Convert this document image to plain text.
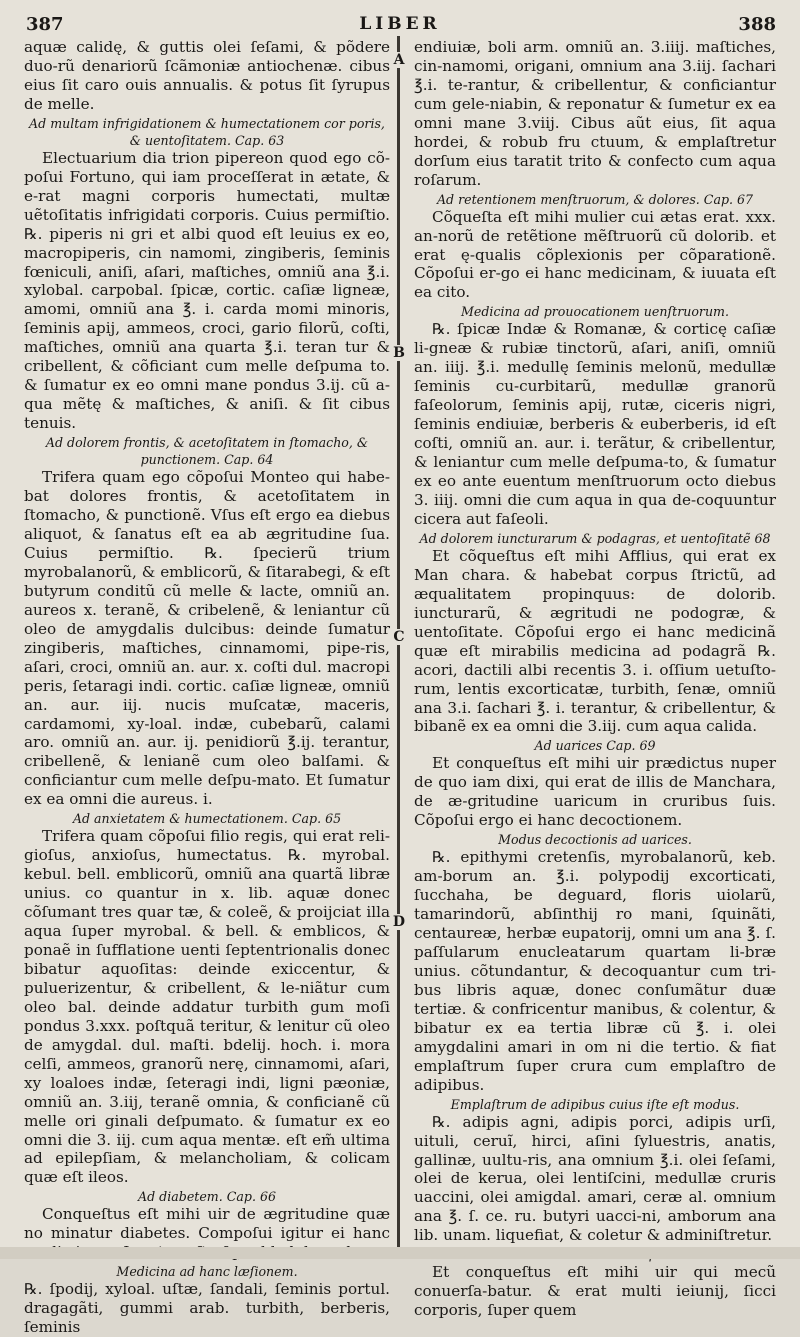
387	LIBER	388
A
B
C
D

aquæ calidę, & guttis olei ſeſami, & põdere duo-rũ denariorũ ſcãmoniæ antiochenæ. cibus eius ſit caro ouis annualis. & potus ſit ſyrupus de melle.

Ad multam infrigidationem & humectationem cor poris, & uentoſitatem. Cap. 63

Electuarium dia trion pipereon quod ego cõ-poſui Fortuno, qui iam proceſſerat in ætate, & e-rat magni corporis humectati, multæ uẽtoſitatis infrigidati corporis. Cuius permiſtio. ℞. piperis ni gri et albi quod eſt leuius ex eo, macropiperis, cin namomi, zingiberis, ſeminis fœniculi, aniſi, aſari, maſtiches, omniũ ana ℥.i. xylobal. carpobal. ſpicæ, cortic. caſiæ ligneæ, amomi, omniũ ana ℥. i. carda momi minoris, ſeminis apij, ammeos, croci, gario filorũ, coſti, maſtiches, omniũ ana quarta ℥.i. teran tur & cribellent, & cõficiant cum melle deſpuma to. & ſumatur ex eo omni mane pondus 3.ij. cũ a-qua mẽtę & maſtiches, & aniſi. & ſit cibus tenuis.

Ad dolorem frontis, & acetoſitatem in ſtomacho, & punctionem. Cap. 64

Trifera quam ego cõpoſui Monteo qui habe-bat dolores frontis, & acetoſitatem in ſtomacho, & punctionẽ. Vſus eſt ergo ea diebus aliquot, & ſanatus eſt ea ab ægritudine ſua. Cuius permiſtio. ℞. ſpecierũ trium myrobalanorũ, & emblicorũ, & ſitarabegi, & eſt butyrum conditũ cũ melle & lacte, omniũ an. aureos x. teranẽ, & cribelenẽ, & leniantur cũ oleo de amygdalis dulcibus: deinde ſumatur zingiberis, maſtiches, cinnamomi, pipe-ris, aſari, croci, omniũ an. aur. x. coſti dul. macropi peris, ſetaragi indi. cortic. caſiæ ligneæ, omniũ an. aur. iij. nucis muſcatæ, maceris, cardamomi, xy-loal. indæ, cubebarũ, calami aro. omniũ an. aur. ij. penidiorũ ℥.ij. terantur, cribellenẽ, & lenianẽ cum oleo balſami. & conficiantur cum melle deſpu-mato. Et ſumatur ex ea omni die aureus. i.

Ad anxietatem & humectationem. Cap. 65

Trifera quam cõpoſui filio regis, qui erat reli-gioſus, anxioſus, humectatus. ℞. myrobal. kebul. bell. emblicorũ, omniũ ana quartã libræ unius. co quantur in x. lib. aquæ donec cõſumant tres quar tæ, & coleẽ, & proijciat illa aqua ſuper myrobal. & bell. & emblicos, & ponaẽ in ſufflatione uenti ſeptentrionalis donec bibatur aquoſitas: deinde exiccentur, & puluerizentur, & cribellent, & le-niãtur cum oleo bal. deinde addatur turbith gum moſi pondus 3.xxx. poſtquã teritur, & lenitur cũ oleo de amygdal. dul. maſti. bdelij. hoch. i. mora celſi, ammeos, granorũ nerę, cinnamomi, aſari, xy loaloes indæ, ſeteragi indi, ligni pæoniæ, omniũ an. 3.iij, teranẽ omnia, & conficianẽ cũ melle ori ginali deſpumato. & ſumatur ex eo omni die 3. iij. cum aqua mentæ. eſt em̃ ultima ad epilepſiam, & melancholiam, & colicam quæ eſt ileos.

Ad diabetem. Cap. 66

Conqueſtus eſt mihi uir de ægritudine quæ no minatur diabetes. Compoſui igitur ei hanc

Medicina ad hanc læſionem.

℞. ſpodij, xyloal. uſtæ, ſandali, ſeminis portul. dragagãti, gummi arab. turbith, berberis, ſeminis

endiuiæ, boli arm. omniũ an. 3.iiij. maſtiches, cin-namomi, origani, omnium ana 3.iij. ſachari ℥.i. te-rantur, & cribellentur, & conficiantur cum gele-niabin, & reponatur & ſumetur ex ea omni mane 3.viij. Cibus aũt eius, ſit aqua hordei, & robub fru ctuum, & emplaſtretur dorſum eius taratit trito & confecto cum aqua roſarum.

Ad retentionem menſtruorum, & dolores. Cap. 67

Cõqueſta eſt mihi mulier cui ætas erat. xxx. an-norũ de retẽtione mẽſtruorũ cũ dolorib. et erat ę-qualis cõplexionis per cõparationẽ. Cõpoſui er-go ei hanc medicinam, & iuuata eſt ea cito.

Medicina ad prouocationem uenſtruorum.

℞. ſpicæ Indæ & Romanæ, & corticę caſiæ li-gneæ & rubiæ tinctorũ, aſari, aniſi, omniũ an. iiij. ℥.i. medullę ſeminis melonũ, medullæ ſeminis cu-curbitarũ, medullæ granorũ faſeolorum, ſeminis apij, rutæ, ciceris nigri, ſeminis endiuiæ, berberis & euberberis, id eſt coſti, omniũ an. aur. i. terãtur, & cribellentur, & leniantur cum melle deſpuma-to, & ſumatur ex eo ante euentum menſtruorum octo diebus 3. iiij. omni die cum aqua in qua de-coquuntur cicera aut faſeoli.

Ad dolorem iuncturarum & podagras, et uentoſitatẽ 68

Et cõqueſtus eſt mihi Afflius, qui erat ex Man chara. & habebat corpus ſtrictũ, ad æqualitatem propinquus: de dolorib. iuncturarũ, & ægritudi ne podogræ, & uentoſitate. Cõpoſui ergo ei hanc medicinã quæ eſt mirabilis medicina ad podagrã ℞. acori, dactili albi recentis 3. i. oſſium uetuſto-rum, lentis excorticatæ, turbith, ſenæ, omniũ ana 3.i. ſachari ℥. i. terantur, & cribellentur, & bibanẽ ex ea omni die 3.iij. cum aqua calida.

Ad uarices Cap. 69

Et conqueſtus eſt mihi uir prædictus nuper de quo iam dixi, qui erat de illis de Manchara, de æ-gritudine uaricum in cruribus ſuis. Cõpoſui ergo ei hanc decoctionem.

Modus decoctionis ad uarices.

℞. epithymi cretenſis, myrobalanorũ, keb. am-borum an. ℥.i. polypodij excorticati, ſucchaha, be deguard, floris uiolarũ, tamarindorũ, abſinthij ro mani, ſquinãti, centaureæ, herbæ eupatorij, omni um ana ℥. ſ. paſſularum enucleatarum quartam li-bræ unius. cõtundantur, & decoquantur cum tri-bus libris aquæ, donec conſumãtur duæ tertiæ. & confricentur manibus, & colentur, & bibatur ex ea tertia libræ cũ ℥. i. olei amygdalini amari in om ni die tertio. & fiat emplaſtrum ſuper crura cum emplaſtro de adipibus.

Emplaſtrum de adipibus cuius iſte eſt modus.

℞. adipis agni, adipis porci, adipis urſi, uituli, ceruĩ, hirci, aſini ſyluestris, anatis, gallinæ, uultu-ris, ana omnium ℥.i. olei ſeſami, olei de kerua, olei lentiſcini, medullæ cruris uaccini, olei amigdal. amari, ceræ al. omnium ana ℥. ſ. ce. ru. butyri uacci-ni, amborum ana lib. unam. liquefiat, & coletur & adminiſtretur.

Et conqueſtus eſt mihi uir qui mecũ conuerſa-batur. & erat multi ieiunij, ſicci corporis, ſuper quem
